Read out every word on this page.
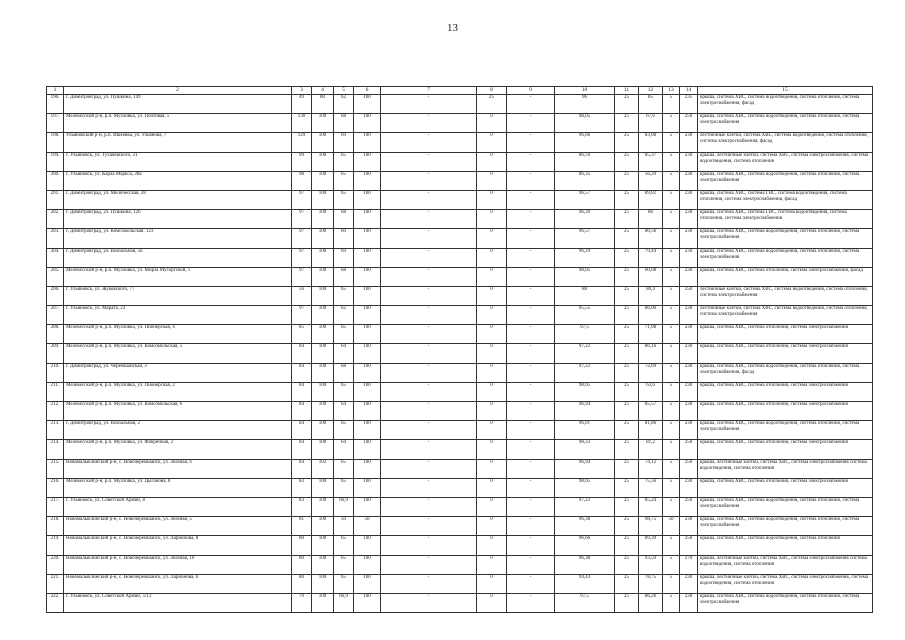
13
1	2	3	4	5	6	7	8	9	10	11	12	13	14	15
196.	г. Димитровград, ул. Пушкина, 149	49	80	62	100	-	25	-	96	25	85	5	235	крыша, система ХВС, система водоотведения, система отопления, система электроснабжения, фасад
197.	Мелекесский р-н, р.п. Мулловка, ул. Почтовая, 5	130	100	68	100	-	0	-	98,05	25	67,6	5	250	крыша, система ХВС, система водоотведения, система отопления, система электроснабжения
198.	Ульяновский р-н, р.п. Ишеевка, ул. Ульянова, 7	129	100	69	100	-	0	-	96,66	25	83,08	5	230	лестничные клетки, система ХВС, система водоотведения, система отопления, система электроснабжения, фасад
199.	г. Ульяновск, ул. Тухачевского, 21	99	100	65	100	-	0	-	86,59	25	85,37	5	230	крыша, лестничные клетки, система ХВС, система электроснабжения, система водоотведения, система отопления
200.	г. Ульяновск, ул. Карла Маркса, 28а	98	100	65	100	-	0	-	86,35	25	56,29	5	230	крыша, система ХВС, система водоотведения, система отопления, система электроснабжения
201.	г. Димитровград, ул. Молочесская, 28	97	100	65	100	-	0	-	96,57	25	89,82	5	230	крыша, система ХВС, система ГВС, система водоотведения, система отопления, система электроснабжения, фасад
202.	г. Димитровград, ул. Пушкина, 126	97	100	68	100	-	0	-	96,39	25	86	5	230	крыша, система ХВС, система ГВС, система водоотведения, система отопления, система электроснабжения
203.	г. Димитровград, ул. Комсомольская, 123	97	100	60	100	-	0	-	96,57	25	80,56	5	230	крыша, система ХВС, система водоотведения, система отопления, система электроснабжения
204.	г. Димитровград, ул. Вокзальная, 56	97	100	69	100	-	0	-	96,29	25	79,44	5	230	крыша, система ХВС, система водоотведения, система отопления, система электроснабжения
205.	Мелекесский р-н, р.п. Мулловка, ул. Мирза Мусоргской, 1	97	100	68	100	-	0	-	98,05	25	60,08	5	230	крыша, система ХВС, система отопления, система электроснабжения, фасад
206.	г. Ульяновск, ул. Жуковского, 77	56	100	65	100	-	0	-	88	25	80,4	5	250	лестничные клетки, система ХВС, система водоотведения, система отопления, система электроснабжения
207.	г. Ульяновск, ул. Марата, 23	97	100	62	100	-	0	-	95,55	25	86,06	5	230	лестничные клетки, система ХВС, система водоотведения, система отопления, система электроснабжения
208.	Мелекесский р-н, р.п. Мулловка, ул. Пионерская, 4	85	100	65	100	-	0	-	97,5	25	71,08	5	230	крыша, система ХВС, система отопления, система электроснабжения
209.	Мелекесский р-н, р.п. Мулловка, ул. Комсомольская, 5	84	100	64	100	-	0	-	97,22	25	86,16	5	230	крыша, система ХВС, система отопления, система электроснабжения
210.	г. Димитровград, ул. Черемшанская, 3	84	100	68	100	-	0	-	97,22	25	72,69	5	230	крыша, система ХВС, система водоотведения, система отопления, система электроснабжения, фасад
211.	Мелекесский р-н, р.п. Мулловка, ул. Пионерская, 2	84	100	65	100	-	0	-	98,05	25	63,6	5	230	крыша, система ХВС, система отопления, система электроснабжения
212.	Мелекесский р-н, р.п. Мулловка, ул. Комсомольская, 6	84	100	64	100	-	0	-	96,94	25	85,57	5	230	крыша, система ХВС, система отопления, система электроснабжения
213.	г. Димитровград, ул. Вокзальная, 2	84	100	65	100	-	0	-	96,01	25	81,86	5	230	крыша, система ХВС, система водоотведения, система отопления, система электроснабжения
214.	Мелекесский р-н, р.п. Мулловка, ул. Фабричная, 2	84	100	64	100	-	0	-	98,33	25	81,2	5	250	крыша, система ХВС, система отопления, система электроснабжения
215.	Новомалыклинский р-н, с. Новочеремшанск, ул. Зеленая, 6	84	102	65	100	-	0	-	96,94	25	74,12	5	250	крыша, лестничные клетки, система ХВС, система электроснабжения система водоотведения, система отопления
216.	Мелекесский р-н, р.п. Мулловка, ул. Цыганова, 8	83	100	65	100	-	0	-	98,05	25	75,56	5	230	крыша, система ХВС, система отопления, система электроснабжения
217.	г. Ульяновск, ул. Советской Армии, 8	83	100	66,9	100	-	0	-	97,22	25	85,24	5	250	крыша, система ХВС, система водоотведения, система отопления, система электроснабжения
218.	Новомалыклинский р-н, с. Новочеремшанск, ул. Зеленая, 5	81	100	50	50	-	0	-	96,38	25	98,75	50	230	крыша, система ХВС, система водоотведения, система отопления, система электроснабжения
219.	Новомалыклинский р-н, с. Новочеремшанск, ул. Ларионова, 8	80	100	65	100	-	0	-	96,66	25	89,39	5	250	крыша, система ХВС, система водоотведения, система отопления
220.	Новомалыклинский р-н, с. Новочеремшанск, ул. Зеленая, 10	80	100	65	100	-	0	-	96,38	25	93,59	5	270	крыша, лестничные клетки, система ХВС, система электроснабжения система водоотведения, система отопления
221.	Новомалыклинский р-н, с. Новочеремшанск, ул. Ларионова, 6	80	100	65	100	-	0	-	94,43	25	78,75	5	230	крыша, лестничные клетки, система ХВС, система электроснабжения, система водоотведения, система отопления
222.	г. Ульяновск, ул. Советской Армии, 5/13	79	100	66,9	100	-	0	-	97,5	25	86,26	5	230	крыша, система ХВС, система водоотведения, система отопления, система электроснабжения
